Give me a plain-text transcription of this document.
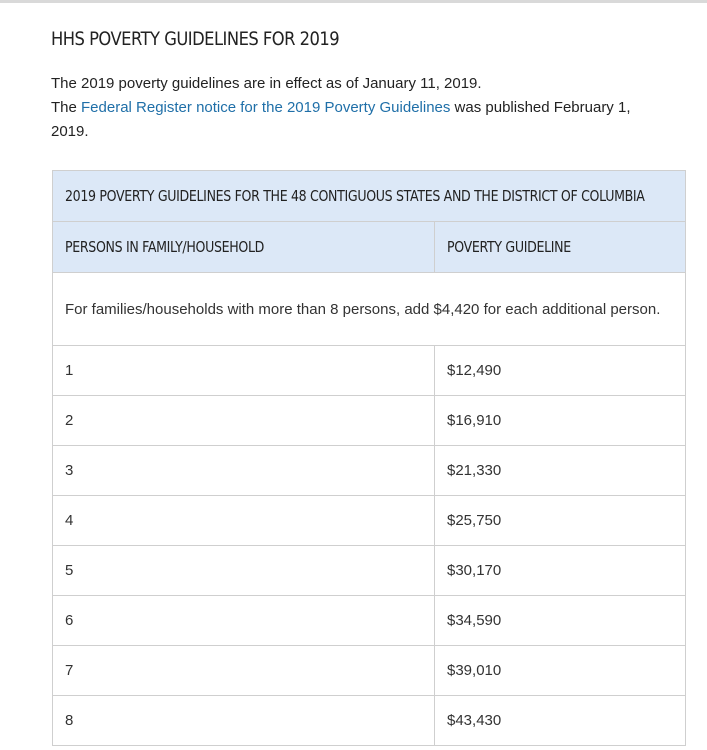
HHS POVERTY GUIDELINES FOR 2019

The 2019 poverty guidelines are in effect as of January 11, 2019.

The Federal Register notice for the 2019 Poverty Guidelines was published February 1, 2019.

2019 POVERTY GUIDELINES FOR THE 48 CONTIGUOUS STATES AND THE DISTRICT OF COLUMBIA	
PERSONS IN FAMILY/HOUSEHOLD	POVERTY GUIDELINE
For families/households with more than 8 persons, add $4,420 for each additional person.	
1	$12,490
2	$16,910
3	$21,330
4	$25,750
5	$30,170
6	$34,590
7	$39,010
8	$43,430
